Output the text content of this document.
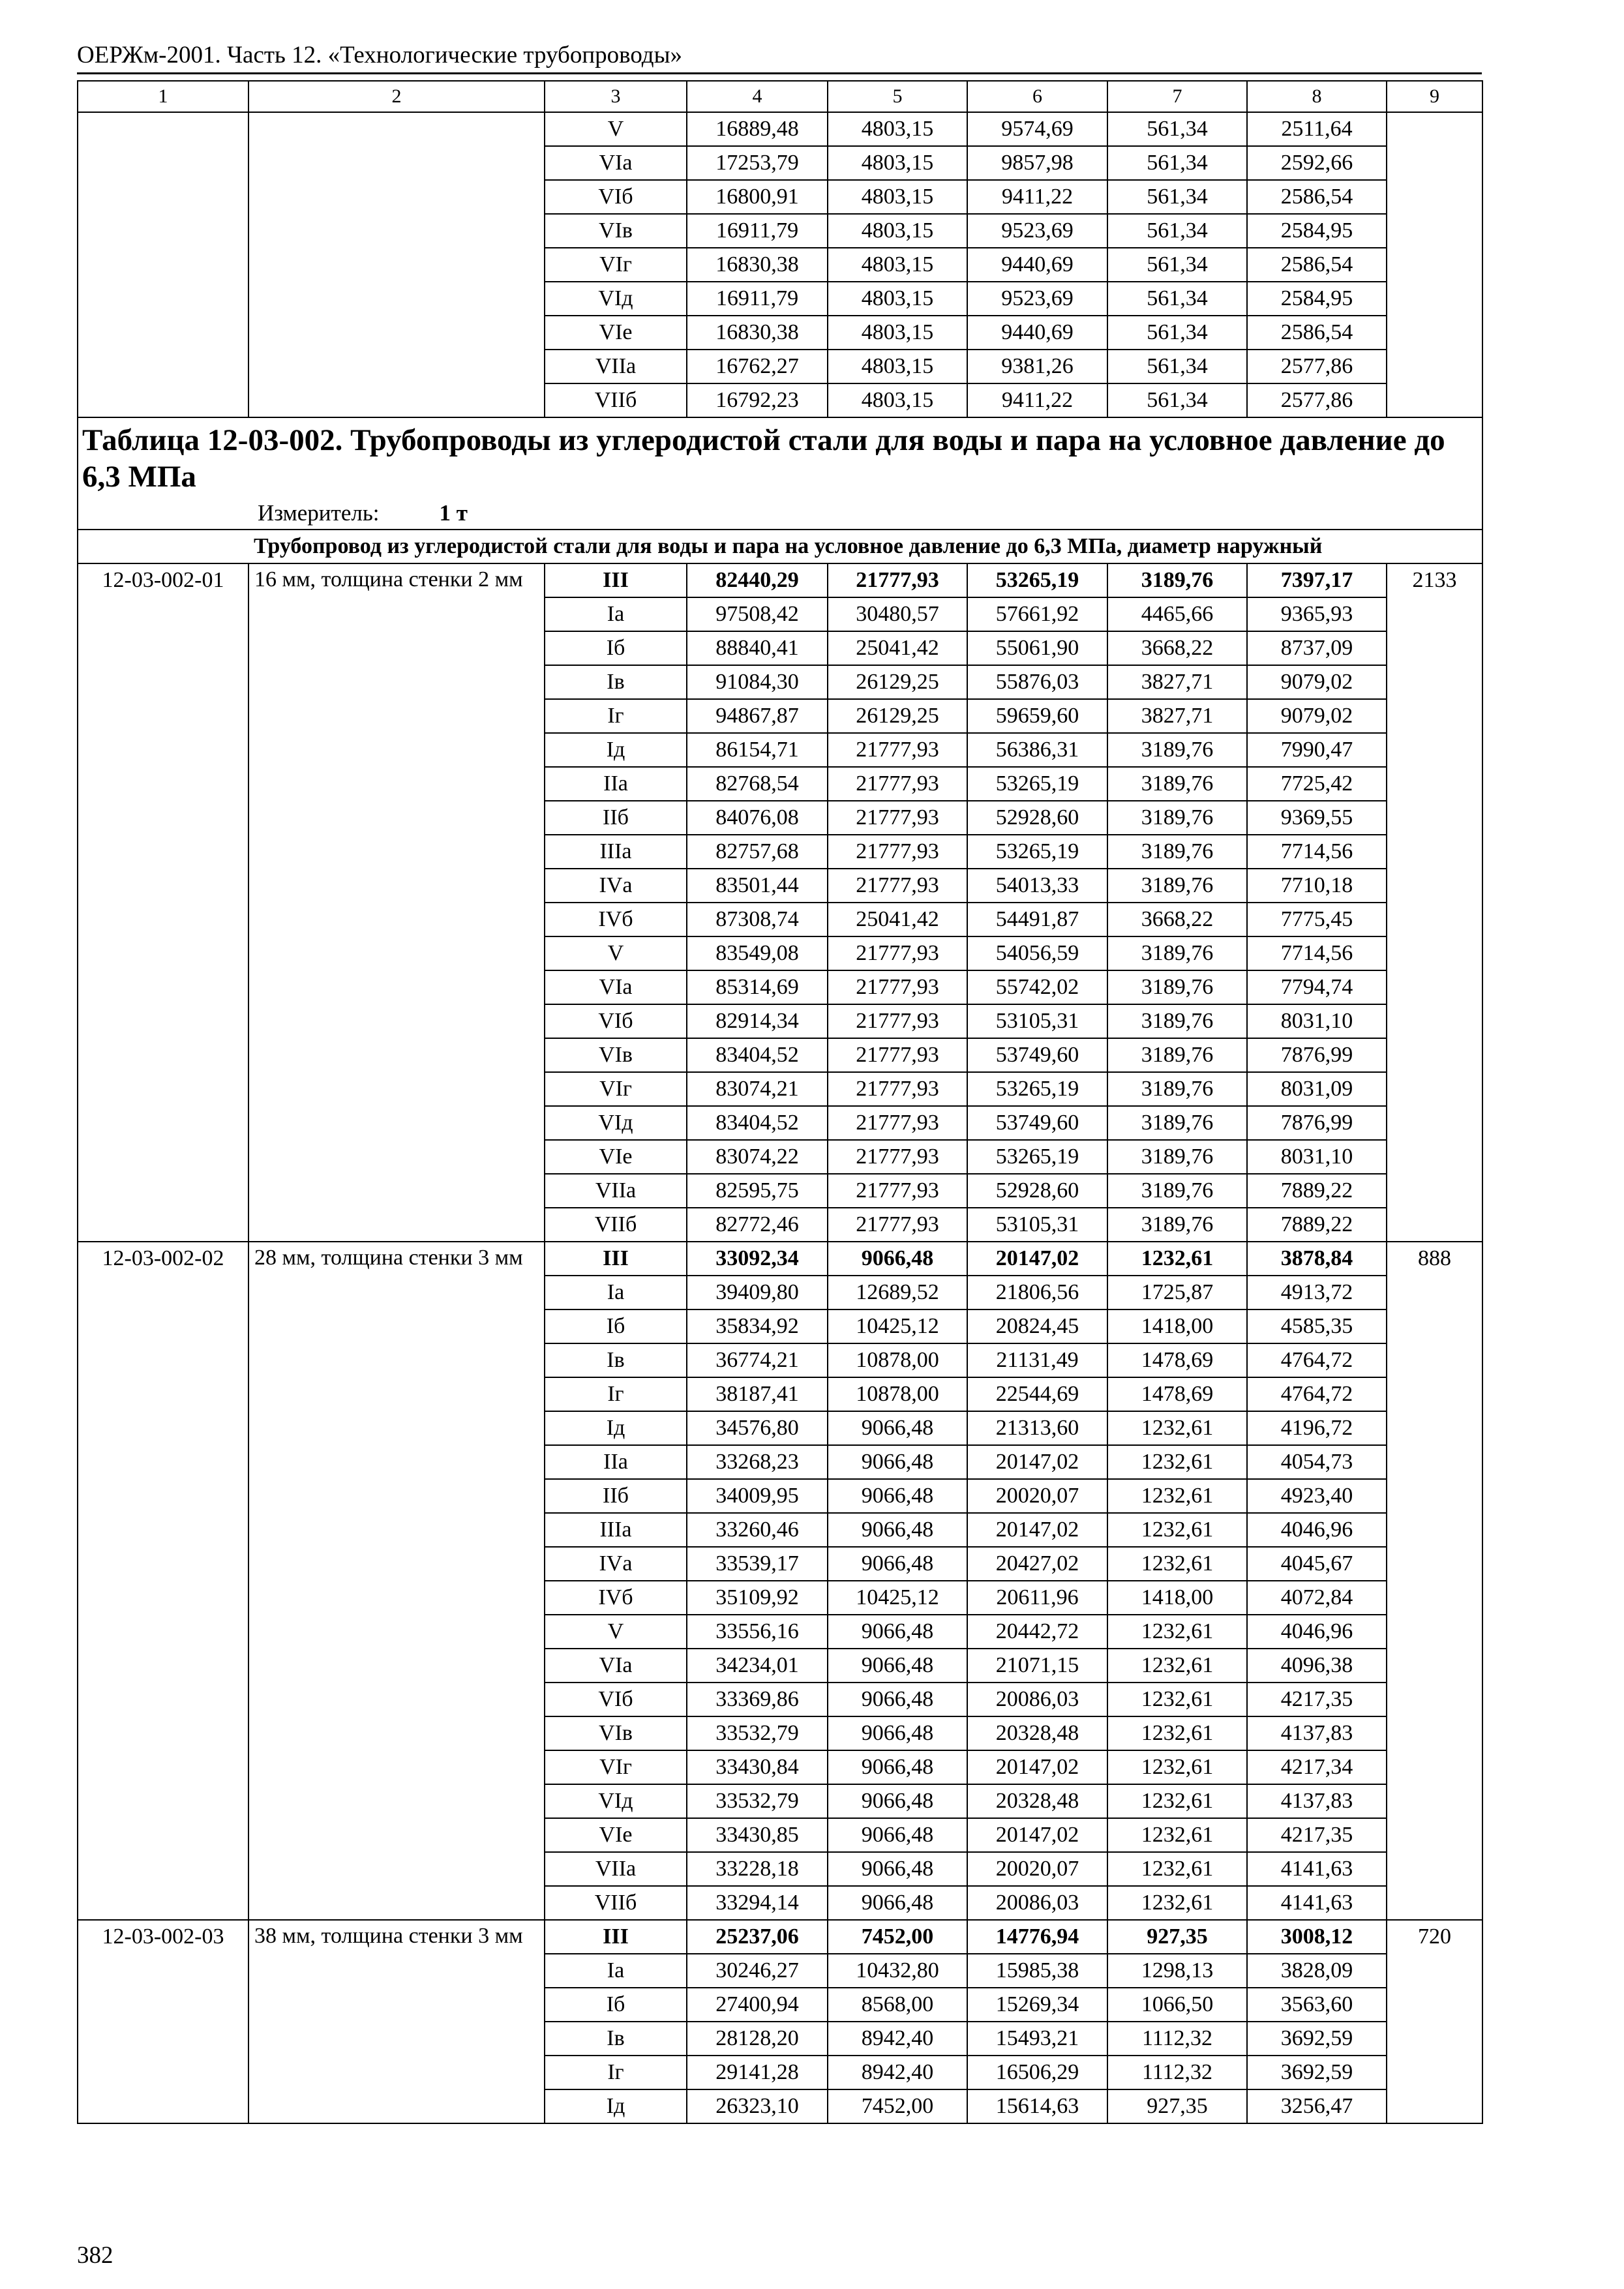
ОЕРЖм-2001. Часть 12. «Технологические трубопроводы»
1	2	3	4	5	6	7	8	9
		V	16889,48	4803,15	9574,69	561,34	2511,64	
		VIа	17253,79	4803,15	9857,98	561,34	2592,66	
		VIб	16800,91	4803,15	9411,22	561,34	2586,54	
		VIв	16911,79	4803,15	9523,69	561,34	2584,95	
		VIг	16830,38	4803,15	9440,69	561,34	2586,54	
		VIд	16911,79	4803,15	9523,69	561,34	2584,95	
		VIе	16830,38	4803,15	9440,69	561,34	2586,54	
		VIIа	16762,27	4803,15	9381,26	561,34	2577,86	
		VIIб	16792,23	4803,15	9411,22	561,34	2577,86	

Таблица 12-03-002. Трубопроводы из углеродистой стали для воды и пара на условное давление до 6,3 МПа
Измеритель: 1 т								

Трубопровод из углеродистой стали для воды и пара на условное давление до 6,3 МПа, диаметр наружный								
12-03-002-01	16 мм, толщина стенки 2 мм	III	82440,29	21777,93	53265,19	3189,76	7397,17	2133
		Iа	97508,42	30480,57	57661,92	4465,66	9365,93	
		Iб	88840,41	25041,42	55061,90	3668,22	8737,09	
		Iв	91084,30	26129,25	55876,03	3827,71	9079,02	
		Iг	94867,87	26129,25	59659,60	3827,71	9079,02	
		Iд	86154,71	21777,93	56386,31	3189,76	7990,47	
		IIа	82768,54	21777,93	53265,19	3189,76	7725,42	
		IIб	84076,08	21777,93	52928,60	3189,76	9369,55	
		IIIа	82757,68	21777,93	53265,19	3189,76	7714,56	
		IVа	83501,44	21777,93	54013,33	3189,76	7710,18	
		IVб	87308,74	25041,42	54491,87	3668,22	7775,45	
		V	83549,08	21777,93	54056,59	3189,76	7714,56	
		VIа	85314,69	21777,93	55742,02	3189,76	7794,74	
		VIб	82914,34	21777,93	53105,31	3189,76	8031,10	
		VIв	83404,52	21777,93	53749,60	3189,76	7876,99	
		VIг	83074,21	21777,93	53265,19	3189,76	8031,09	
		VIд	83404,52	21777,93	53749,60	3189,76	7876,99	
		VIе	83074,22	21777,93	53265,19	3189,76	8031,10	
		VIIа	82595,75	21777,93	52928,60	3189,76	7889,22	
		VIIб	82772,46	21777,93	53105,31	3189,76	7889,22	
12-03-002-02	28 мм, толщина стенки 3 мм	III	33092,34	9066,48	20147,02	1232,61	3878,84	888
		Iа	39409,80	12689,52	21806,56	1725,87	4913,72	
		Iб	35834,92	10425,12	20824,45	1418,00	4585,35	
		Iв	36774,21	10878,00	21131,49	1478,69	4764,72	
		Iг	38187,41	10878,00	22544,69	1478,69	4764,72	
		Iд	34576,80	9066,48	21313,60	1232,61	4196,72	
		IIа	33268,23	9066,48	20147,02	1232,61	4054,73	
		IIб	34009,95	9066,48	20020,07	1232,61	4923,40	
		IIIа	33260,46	9066,48	20147,02	1232,61	4046,96	
		IVа	33539,17	9066,48	20427,02	1232,61	4045,67	
		IVб	35109,92	10425,12	20611,96	1418,00	4072,84	
		V	33556,16	9066,48	20442,72	1232,61	4046,96	
		VIа	34234,01	9066,48	21071,15	1232,61	4096,38	
		VIб	33369,86	9066,48	20086,03	1232,61	4217,35	
		VIв	33532,79	9066,48	20328,48	1232,61	4137,83	
		VIг	33430,84	9066,48	20147,02	1232,61	4217,34	
		VIд	33532,79	9066,48	20328,48	1232,61	4137,83	
		VIе	33430,85	9066,48	20147,02	1232,61	4217,35	
		VIIа	33228,18	9066,48	20020,07	1232,61	4141,63	
		VIIб	33294,14	9066,48	20086,03	1232,61	4141,63	
12-03-002-03	38 мм, толщина стенки 3 мм	III	25237,06	7452,00	14776,94	927,35	3008,12	720
		Iа	30246,27	10432,80	15985,38	1298,13	3828,09	
		Iб	27400,94	8568,00	15269,34	1066,50	3563,60	
		Iв	28128,20	8942,40	15493,21	1112,32	3692,59	
		Iг	29141,28	8942,40	16506,29	1112,32	3692,59	
		Iд	26323,10	7452,00	15614,63	927,35	3256,47	
382
